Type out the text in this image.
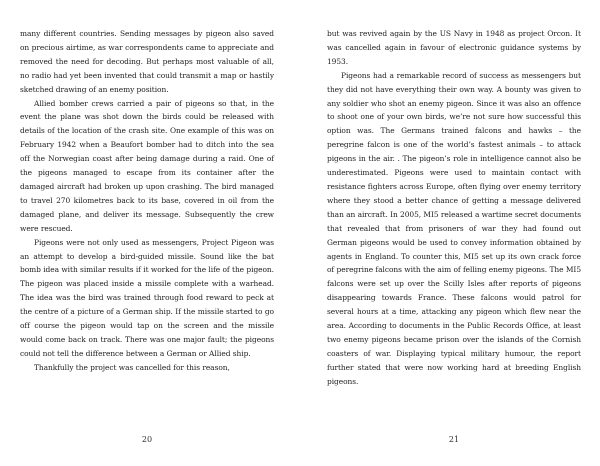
many different countries. Sending messages by pigeon also saved on precious airtime, as war correspondents came to appreciate and removed the need for decoding. But perhaps most valuable of all, no radio had yet been invented that could transmit a map or hastily sketched drawing of an enemy position.

Allied bomber crews carried a pair of pigeons so that, in the event the plane was shot down the birds could be released with details of the location of the crash site. One example of this was on February 1942 when a Beaufort bomber had to ditch into the sea off the Norwegian coast after being damage during a raid. One of the pigeons managed to escape from its container after the damaged aircraft had broken up upon crashing. The bird managed to travel 270 kilometres back to its base, covered in oil from the damaged plane, and deliver its message. Subsequently the crew were rescued.

Pigeons were not only used as messengers, Project Pigeon was an attempt to develop a bird-guided missile. Sound like the bat bomb idea with similar results if it worked for the life of the pigeon. The pigeon was placed inside a missile complete with a warhead. The idea was the bird was trained through food reward to peck at the centre of a picture of a German ship. If the missile started to go off course the pigeon would tap on the screen and the missile would come back on track. There was one major fault; the pigeons could not tell the difference between a German or Allied ship.

Thankfully the project was cancelled for this reason,

20

but was revived again by the US Navy in 1948 as project Orcon. It was cancelled again in favour of electronic guidance systems by 1953.

Pigeons had a remarkable record of success as messengers but they did not have everything their own way. A bounty was given to any soldier who shot an enemy pigeon. Since it was also an offence to shoot one of your own birds, we’re not sure how successful this option was. The Germans trained falcons and hawks – the peregrine falcon is one of the world’s fastest animals – to attack pigeons in the air. . The pigeon’s role in intelligence cannot also be underestimated. Pigeons were used to maintain contact with resistance fighters across Europe, often flying over enemy territory where they stood a better chance of getting a message delivered than an aircraft. In 2005, MI5 released a wartime secret documents that revealed that from prisoners of war they had found out German pigeons would be used to convey information obtained by agents in England. To counter this, MI5 set up its own crack force of peregrine falcons with the aim of felling enemy pigeons. The MI5 falcons were set up over the Scilly Isles after reports of pigeons disappearing towards France. These falcons would patrol for several hours at a time, attacking any pigeon which flew near the area. According to documents in the Public Records Office, at least two enemy pigeons became prison over the islands of the Cornish coasters of war. Displaying typical military humour, the report further stated that were now working hard at breeding English pigeons.

21
